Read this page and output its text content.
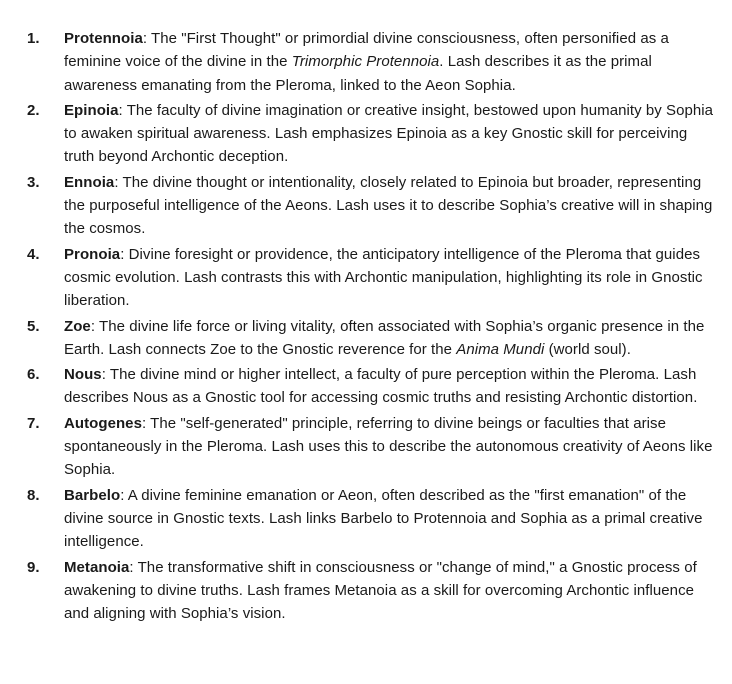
1. Protennoia: The "First Thought" or primordial divine consciousness, often personified as a feminine voice of the divine in the Trimorphic Protennoia. Lash describes it as the primal awareness emanating from the Pleroma, linked to the Aeon Sophia.
2. Epinoia: The faculty of divine imagination or creative insight, bestowed upon humanity by Sophia to awaken spiritual awareness. Lash emphasizes Epinoia as a key Gnostic skill for perceiving truth beyond Archontic deception.
3. Ennoia: The divine thought or intentionality, closely related to Epinoia but broader, representing the purposeful intelligence of the Aeons. Lash uses it to describe Sophia’s creative will in shaping the cosmos.
4. Pronoia: Divine foresight or providence, the anticipatory intelligence of the Pleroma that guides cosmic evolution. Lash contrasts this with Archontic manipulation, highlighting its role in Gnostic liberation.
5. Zoe: The divine life force or living vitality, often associated with Sophia’s organic presence in the Earth. Lash connects Zoe to the Gnostic reverence for the Anima Mundi (world soul).
6. Nous: The divine mind or higher intellect, a faculty of pure perception within the Pleroma. Lash describes Nous as a Gnostic tool for accessing cosmic truths and resisting Archontic distortion.
7. Autogenes: The "self-generated" principle, referring to divine beings or faculties that arise spontaneously in the Pleroma. Lash uses this to describe the autonomous creativity of Aeons like Sophia.
8. Barbelo: A divine feminine emanation or Aeon, often described as the "first emanation" of the divine source in Gnostic texts. Lash links Barbelo to Protennoia and Sophia as a primal creative intelligence.
9. Metanoia: The transformative shift in consciousness or "change of mind," a Gnostic process of awakening to divine truths. Lash frames Metanoia as a skill for overcoming Archontic influence and aligning with Sophia’s vision.
